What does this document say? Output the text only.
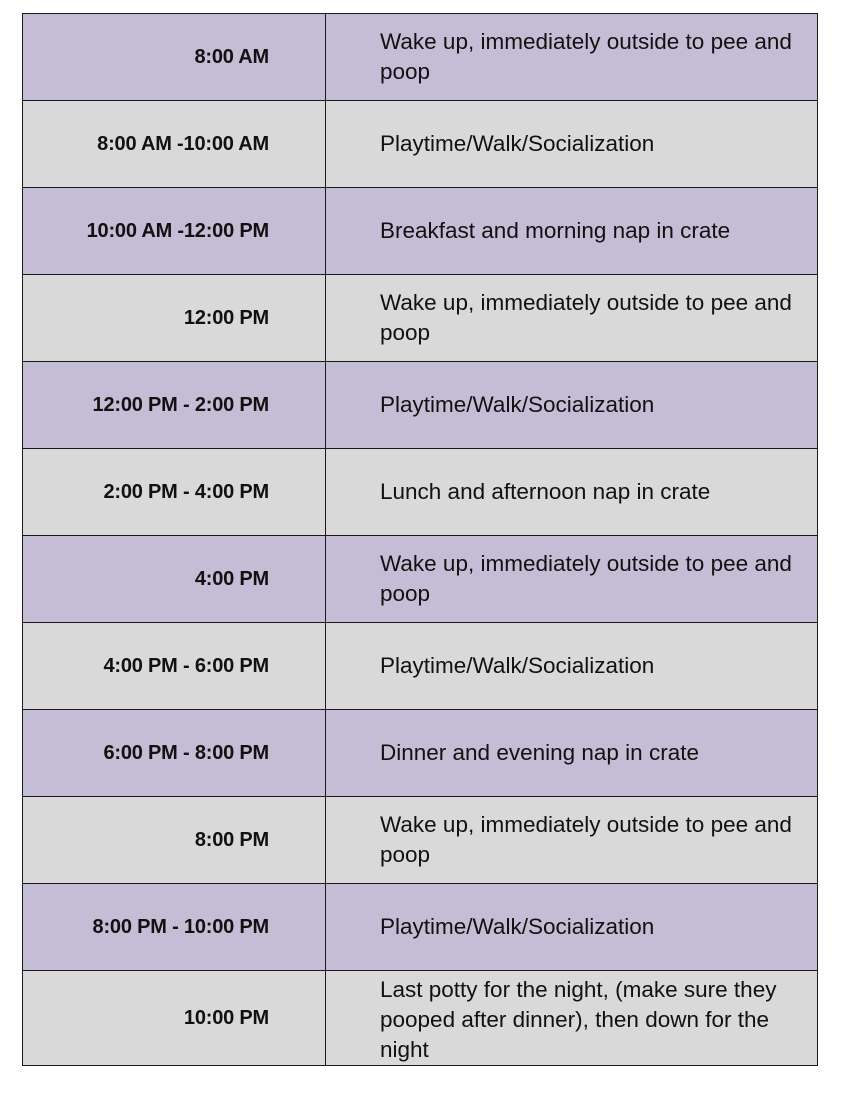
8:00 AM	Wake up, immediately outside to pee and poop
8:00 AM -10:00 AM	Playtime/Walk/Socialization
10:00 AM -12:00 PM	Breakfast and morning nap in crate
12:00 PM	Wake up, immediately outside to pee and poop
12:00 PM - 2:00 PM	Playtime/Walk/Socialization
2:00 PM - 4:00 PM	Lunch and afternoon nap in crate
4:00 PM	Wake up, immediately outside to pee and poop
4:00 PM - 6:00 PM	Playtime/Walk/Socialization
6:00 PM - 8:00 PM	Dinner and evening nap in crate
8:00 PM	Wake up, immediately outside to pee and poop
8:00 PM - 10:00 PM	Playtime/Walk/Socialization
10:00 PM	Last potty for the night, (make sure they pooped after dinner), then down for the night
